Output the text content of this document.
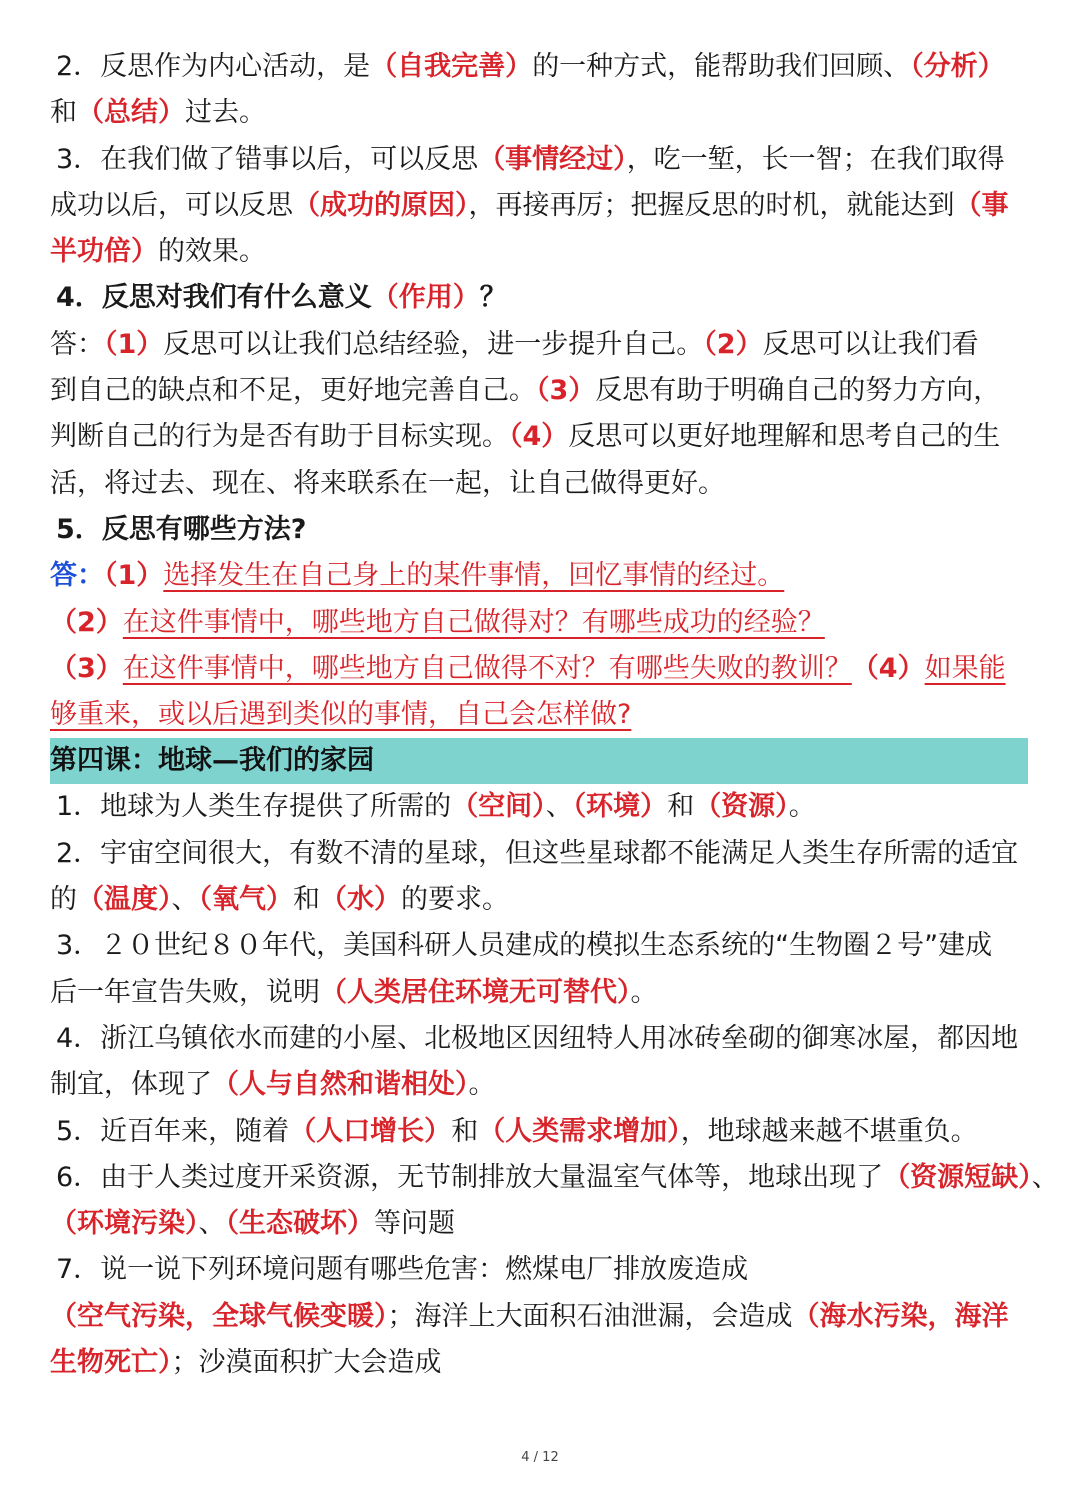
2．反思作为内心活动，是（自我完善）的一种方式，能帮助我们回顾、（分析）
和（总结）过去。
3．在我们做了错事以后，可以反思（事情经过），吃一堑，长一智；在我们取得
成功以后，可以反思（成功的原因），再接再厉；把握反思的时机，就能达到（事
半功倍）的效果。
4．反思对我们有什么意义（作用）？
答：（1）反思可以让我们总结经验，进一步提升自己。（2）反思可以让我们看
到自己的缺点和不足，更好地完善自己。（3）反思有助于明确自己的努力方向，
判断自己的行为是否有助于目标实现。（4）反思可以更好地理解和思考自己的生
活，将过去、现在、将来联系在一起，让自己做得更好。
5．反思有哪些方法?
答：（1）选择发生在自己身上的某件事情，回忆事情的经过。
（2）在这件事情中，哪些地方自己做得对？有哪些成功的经验？
（3）在这件事情中，哪些地方自己做得不对？有哪些失败的教训？（4）如果能
够重来，或以后遇到类似的事情，自己会怎样做?
第四课：地球—我们的家园
1．地球为人类生存提供了所需的（空间）、（环境）和（资源）。
2．宇宙空间很大，有数不清的星球，但这些星球都不能满足人类生存所需的适宜
的（温度）、（氧气）和（水）的要求。
3．２０世纪８０年代，美国科研人员建成的模拟生态系统的“生物圈２号”建成
后一年宣告失败，说明（人类居住环境无可替代）。
4．浙江乌镇依水而建的小屋、北极地区因纽特人用冰砖垒砌的御寒冰屋，都因地
制宜，体现了（人与自然和谐相处）。
5．近百年来，随着（人口增长）和（人类需求增加），地球越来越不堪重负。
6．由于人类过度开采资源，无节制排放大量温室气体等，地球出现了（资源短缺）、
（环境污染）、（生态破坏）等问题
7．说一说下列环境问题有哪些危害：燃煤电厂排放废造成
（空气污染，全球气候变暖）；海洋上大面积石油泄漏，会造成（海水污染，海洋
生物死亡）；沙漠面积扩大会造成
4 / 12
